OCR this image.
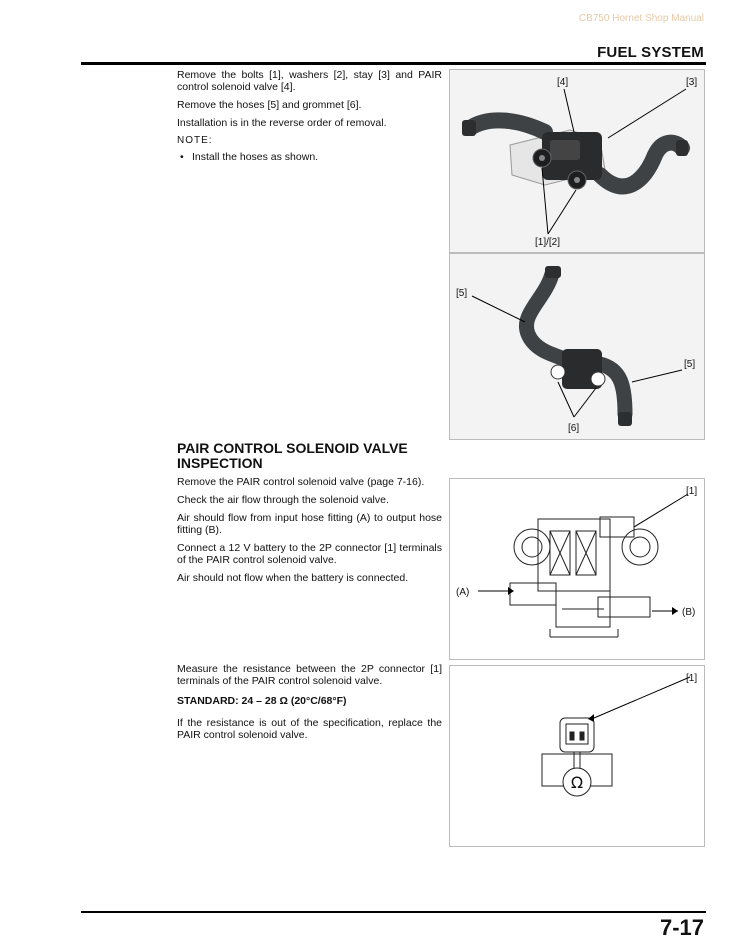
CB750 Hornet Shop Manual
FUEL SYSTEM

Remove the bolts [1], washers [2], stay [3] and PAIR control solenoid valve [4].

Remove the hoses [5] and grommet [6].

Installation is in the reverse order of removal.

NOTE:
• Install the hoses as shown.
[4]	[3]
[1]/[2]
[5]
[5]
[6]
PAIR CONTROL SOLENOID VALVE INSPECTION

Remove the PAIR control solenoid valve (page 7-16).

Check the air flow through the solenoid valve.

Air should flow from input hose fitting (A) to output hose fitting (B).

Connect a 12 V battery to the 2P connector [1] terminals of the PAIR control solenoid valve.

Air should not flow when the battery is connected.

[1]
(A)
(B)

Measure the resistance between the 2P connector [1] terminals of the PAIR control solenoid valve.

STANDARD: 24 – 28 Ω (20°C/68°F)

If the resistance is out of the specification, replace the PAIR control solenoid valve.

[1]
Ω
7-17
